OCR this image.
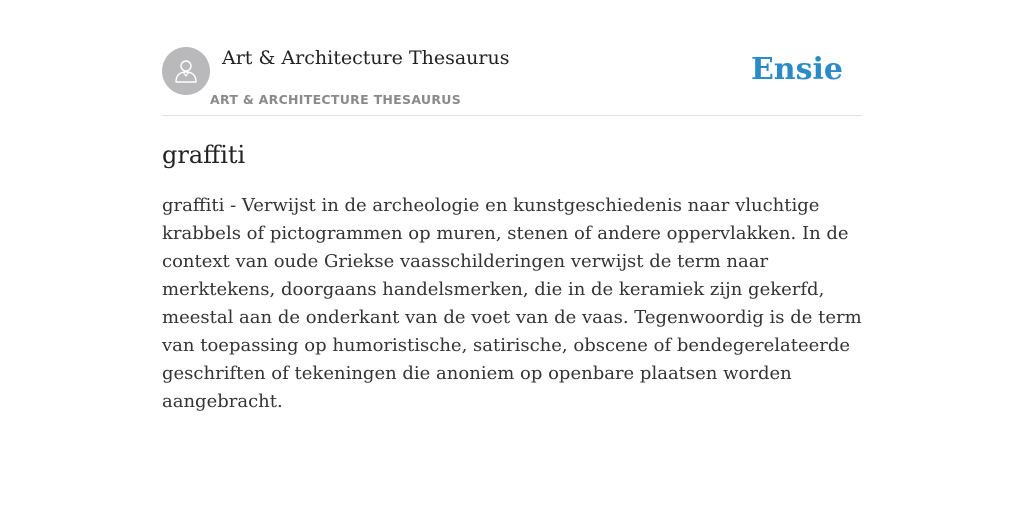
Art & Architecture Thesaurus
ART & ARCHITECTURE THESAURUS
Ensie
graffiti

graffiti - Verwijst in de archeologie en kunstgeschiedenis naar vluchtige krabbels of pictogrammen op muren, stenen of andere oppervlakken. In de context van oude Griekse vaasschilderingen verwijst de term naar merktekens, doorgaans handelsmerken, die in de keramiek zijn gekerfd, meestal aan de onderkant van de voet van de vaas. Tegenwoordig is de term van toepassing op humoristische, satirische, obscene of bendegerelateerde geschriften of tekeningen die anoniem op openbare plaatsen worden aangebracht.
